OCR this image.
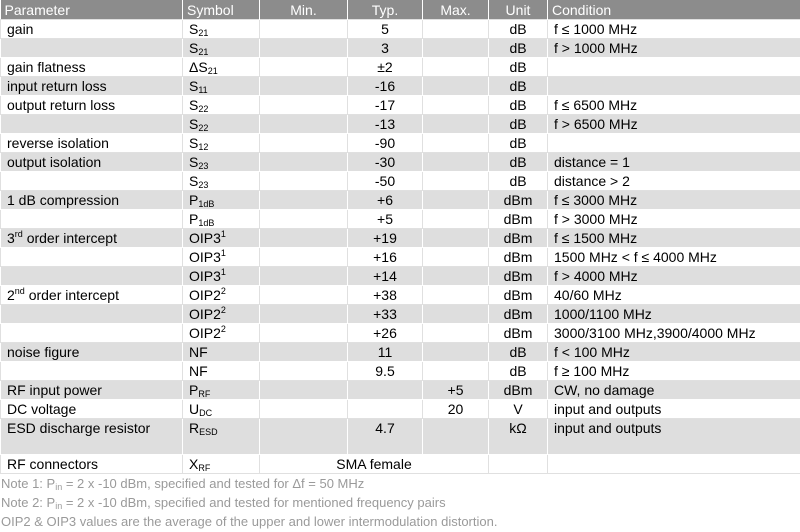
Parameter	Symbol	Min.	Typ.	Max.	Unit	Condition
gain	$S_{21}$		5		dB	f ≤ 1000 MHz
	$S_{21}$		3		dB	f > 1000 MHz
gain flatness	$\Delta S_{21}$		±2		dB	
input return loss	$S_{11}$		-16		dB	
output return loss	$S_{22}$		-17		dB	f ≤ 6500 MHz
	$S_{22}$		-13		dB	f > 6500 MHz
reverse isolation	$S_{12}$		-90		dB	
output isolation	$S_{23}$		-30		dB	distance = 1
	$S_{23}$		-50		dB	distance > 2
1 dB compression	$P_{1dB}$		+6		dBm	f ≤ 3000 MHz
	$P_{1dB}$		+5		dBm	f > 3000 MHz
3rd order intercept	$OIP3^1$		+19		dBm	f ≤ 1500 MHz
	$OIP3^1$		+16		dBm	1500 MHz < f ≤ 4000 MHz
	$OIP3^1$		+14		dBm	f > 4000 MHz
2nd order intercept	$OIP2^2$		+38		dBm	40/60 MHz
	$OIP2^2$		+33		dBm	1000/1100 MHz
	$OIP2^2$		+26		dBm	3000/3100 MHz,3900/4000 MHz
noise figure	NF		11		dB	f < 100 MHz
	NF		9.5		dB	f ≥ 100 MHz
RF input power	$P_{RF}$			+5	dBm	CW, no damage
DC voltage	$U_{DC}$			20	V	input and outputs
ESD discharge resistor	$R_{ESD}$		4.7		kΩ	input and outputs
RF connectors	$X_{RF}$	SMA female				
Note 1: $P_{in} = 2$ x -10 dBm, specified and tested for Δf = 50 MHz
Note 2: $P_{in} = 2$ x -10 dBm, specified and tested for mentioned frequency pairs
OIP2 & OIP3 values are the average of the upper and lower intermodulation distortion.
